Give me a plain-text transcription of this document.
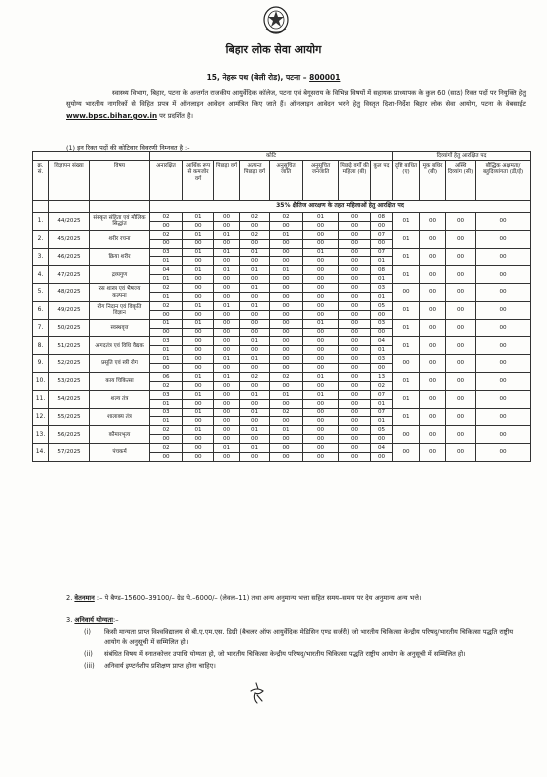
बिहार लोक सेवा आयोग
15, नेहरू पथ (बेली रोड), पटना – 800001
स्वास्थ्य विभाग, बिहार, पटना के अन्तर्गत राजकीय आयुर्वेदिक कॉलेज, पटना एवं बेगूसराय के विभिन्न विषयों में सहायक प्राध्यापक के कुल 60 (साठ) रिक्त पदों पर नियुक्ति हेतु सुयोग्य भारतीय नागरिकों से विहित प्रपत्र में ऑनलाइन आवेदन आमंत्रित किए जाते हैं। ऑनलाइन आवेदन भरने हेतु विस्तृत दिशा-निर्देश बिहार लोक सेवा आयोग, पटना के वेबसाईट www.bpsc.bihar.gov.in पर प्रदर्शित है।
(1) इन रिक्त पदों की कोटिवार विवरणी निम्नवत है :-
			कोटि								दिव्यांगों हेतु आरक्षित पद			
क्र. सं.	विज्ञापन संख्या	विषय	अनारक्षित	आर्थिक रूप से कमजोर वर्ग	पिछड़ा वर्ग	अत्यन्त पिछड़ा वर्ग	अनुसूचित जाति	अनुसूचित जनजाति	पिछड़े वर्गों की महिला (बी)	कुल पद	दृष्टि बाधित (ए)	मूक बधिर (बी)	अस्थि दिव्यांग (सी)	बौद्धिक अक्षमता/ बहुदिव्यांगता (डी/ई)
			35% क्षैतिज आरक्षण के तहत महिलाओं हेतु आरक्षित पद											
1.	44/2025	संस्कृत संहिता एवं मौलिक सिद्धांत	02	01	00	02	02	01	00	08	01	00	00	00
			00	00	00	00	00	00	00	00				
2.	45/2025	शरीर रचना	02	01	01	02	01	00	00	07	01	00	00	00
			00	00	00	00	00	00	00	00				
3.	46/2025	क्रिया शरीर	03	01	01	01	00	01	00	07	01	00	00	00
			01	00	00	00	00	00	00	01				
4.	47/2025	द्रव्यगुण	04	01	01	01	01	00	00	08	01	00	00	00
			01	00	00	00	00	00	00	01				
5.	48/2025	रस शास्त्र एवं भैषज्य कल्पना	02	00	00	01	00	00	00	03	00	00	00	00
			01	00	00	00	00	00	00	01				
6.	49/2025	रोग निदान एवं विकृति विज्ञान	02	01	01	01	00	00	00	05	01	00	00	00
			00	00	00	00	00	00	00	00				
7.	50/2025	स्वस्थवृत्त	01	01	00	00	00	01	00	03	01	00	00	00
			00	00	00	00	00	00	00	00				
8.	51/2025	अगदतंत्र एवं विधि वैद्यक	03	00	00	01	00	00	00	04	01	00	00	00
			01	00	00	00	00	00	00	01				
9.	52/2025	प्रसूति एवं स्त्री रोग	01	00	01	01	00	00	00	03	00	00	00	00
			00	00	00	00	00	00	00	00				
10.	53/2025	काय चिकित्सा	06	01	01	02	02	01	00	13	01	00	00	00
			02	00	00	00	00	00	00	02				
11.	54/2025	शल्य तंत्र	03	01	00	01	01	01	00	07	01	00	00	00
			01	00	00	00	00	00	00	01				
12.	55/2025	शालाक्य तंत्र	03	01	00	01	02	00	00	07	01	00	00	00
			01	00	00	00	00	00	00	01				
13.	56/2025	कौमारभृत्य	02	01	00	01	01	00	00	05	00	00	00	00
			00	00	00	00	00	00	00	00				
14.	57/2025	पंचकर्म	02	00	01	01	00	00	00	04	00	00	00	00
			00	00	00	00	00	00	00	00				
2. वेतनमान :– पे बैण्ड–15600–39100/– ग्रेड पे.–6000/– (लेवल–11) तथा अन्य अनुमान्य भत्ता सहित समय–समय पर देय अनुमान्य अन्य भत्ते।
3. अनिवार्य योग्यता:–
(i)	किसी मान्यता प्राप्त विश्वविद्यालय से बी.ए.एम.एस. डिग्री (बैचलर ऑफ आयुर्वेदिक मेडिसिन एण्ड सर्जरी) जो भारतीय चिकित्सा केन्द्रीय परिषद्/भारतीय चिकित्सा पद्धति राष्ट्रीय आयोग के अनुसूची में सम्मिलित हो।
(ii)	संबंधित विषय में स्नातकोत्तर उपाधि योग्यता हो, जो भारतीय चिकित्सा केन्द्रीय परिषद्/भारतीय चिकित्सा पद्धति राष्ट्रीय आयोग के अनुसूची में सम्मिलित हो।
(iii)	अनिवार्य इण्टर्नशीप प्रशिक्षण प्राप्त होना चाहिए।
